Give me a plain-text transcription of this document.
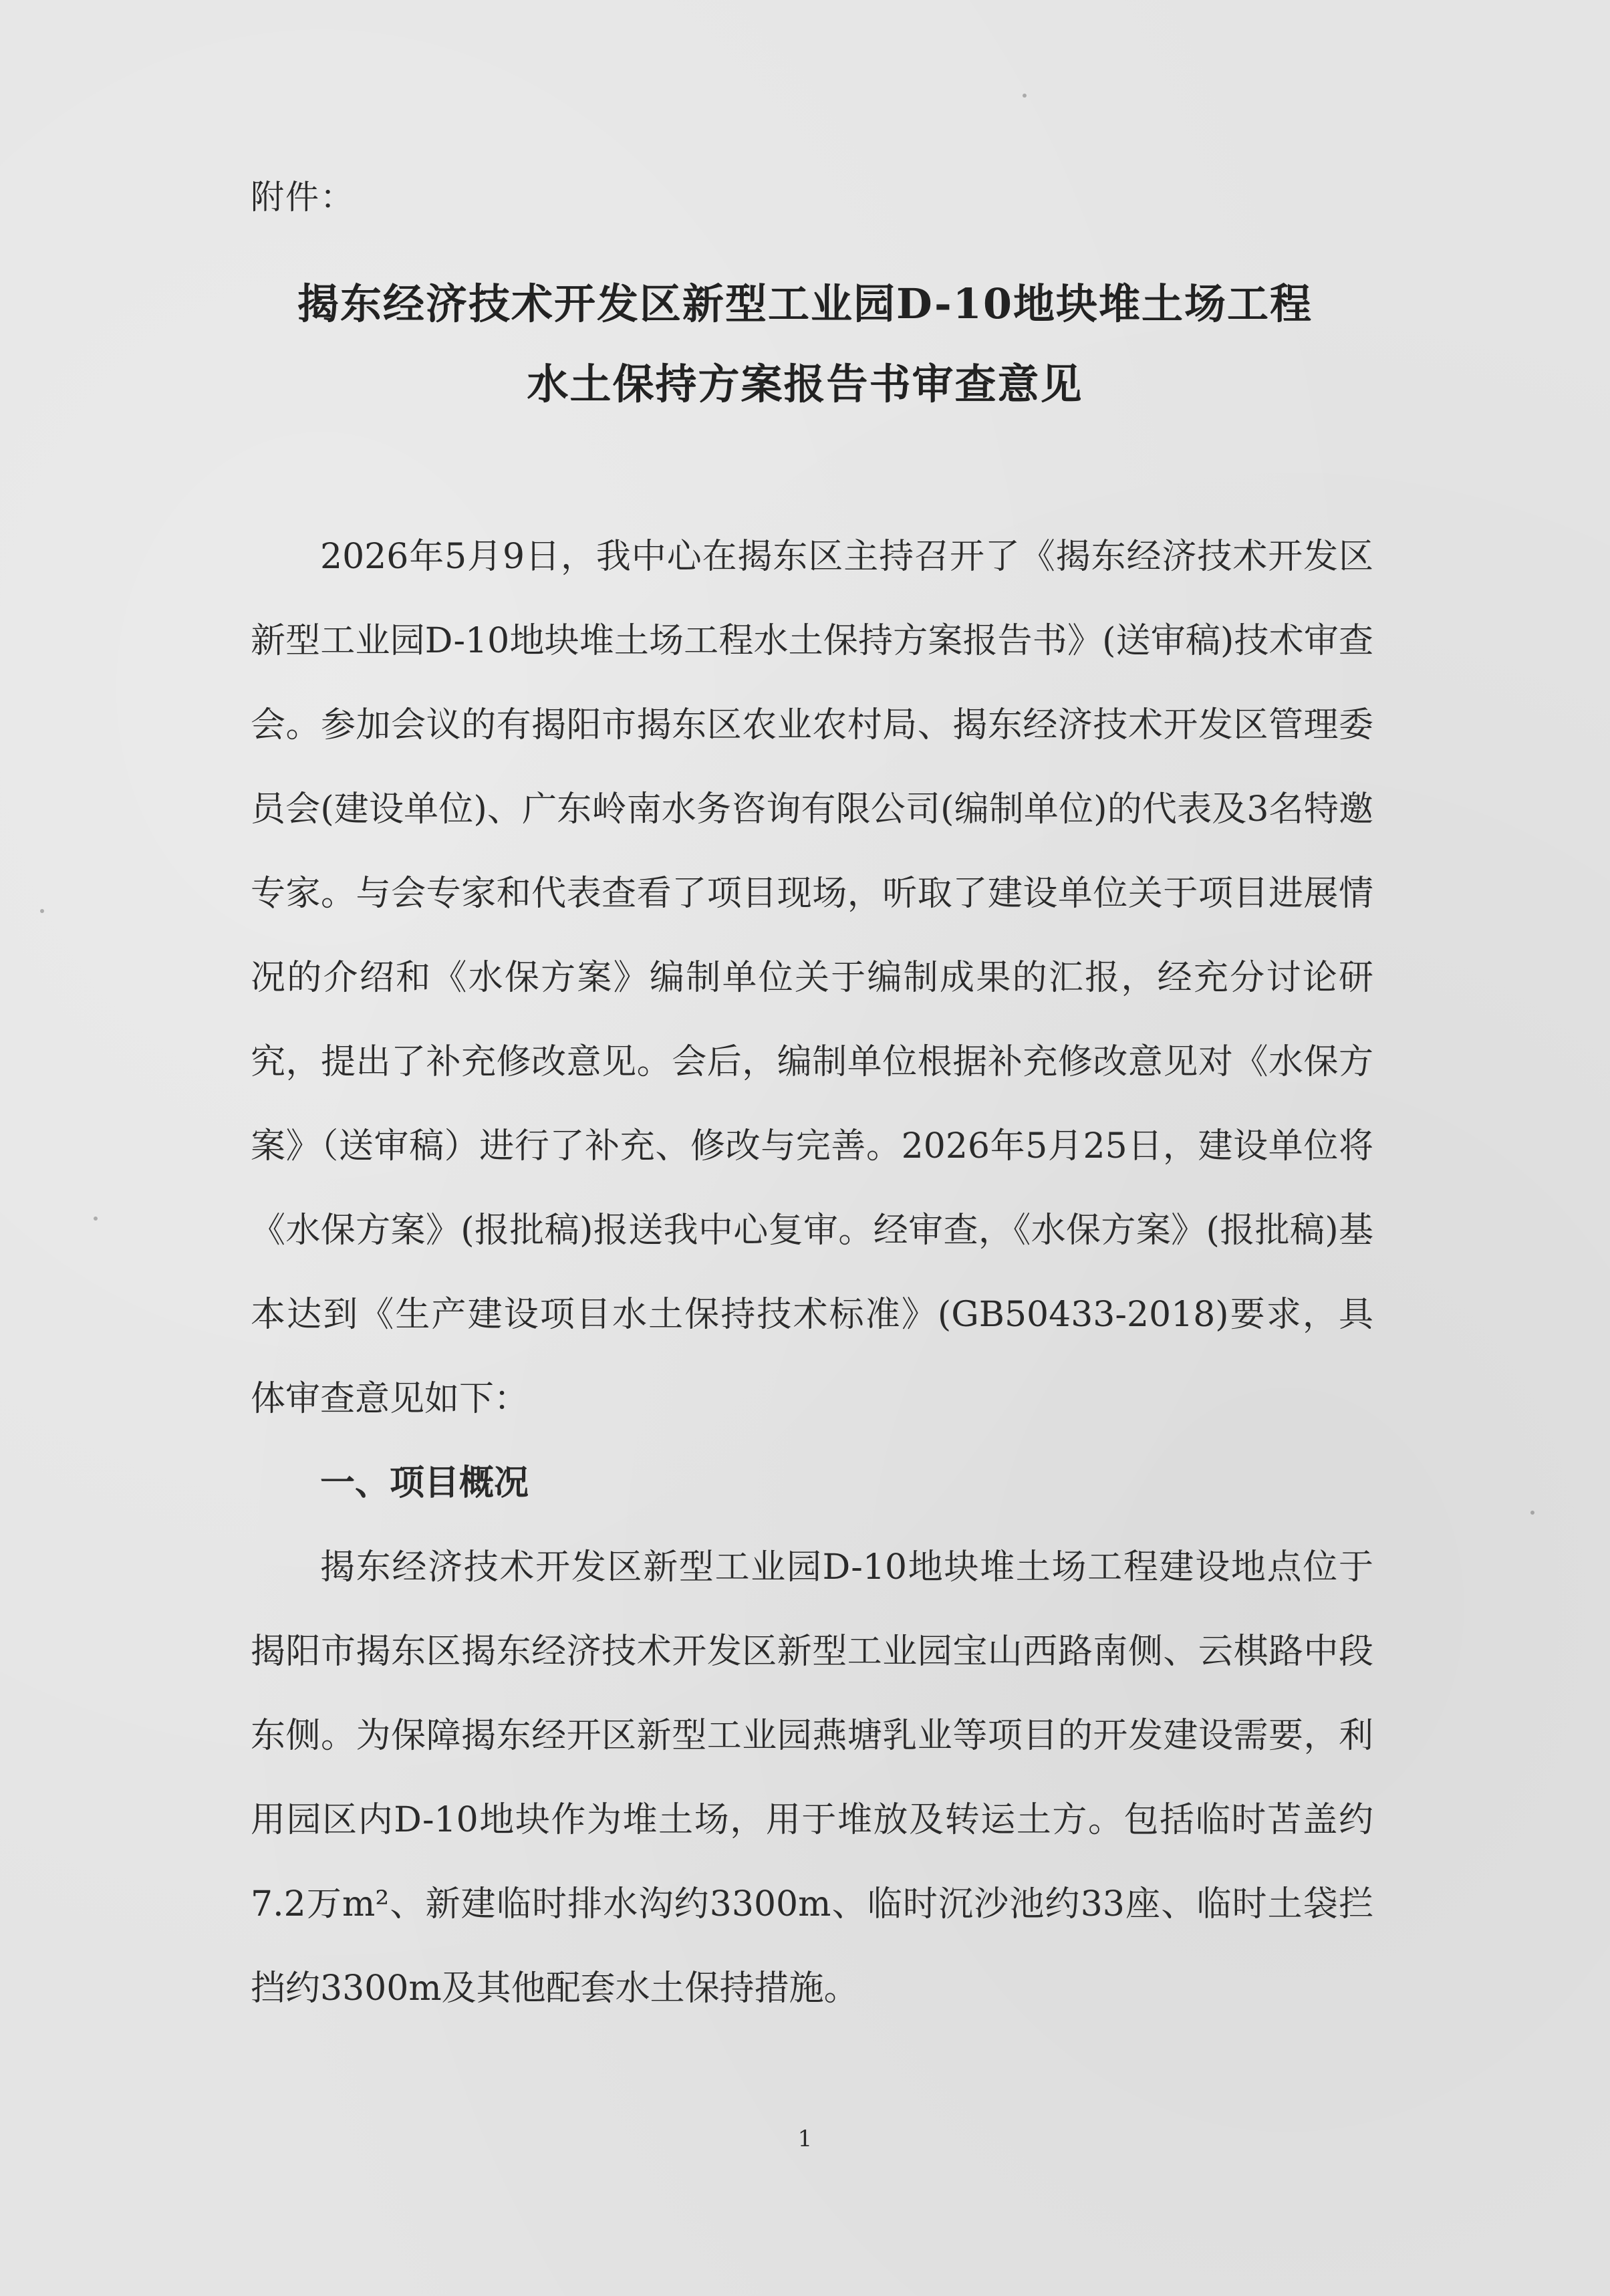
附件：
揭东经济技术开发区新型工业园D-10地块堆土场工程
水土保持方案报告书审查意见

2026年5月9日，我中心在揭东区主持召开了《揭东经济技术开发区新型工业园D-10地块堆土场工程水土保持方案报告书》(送审稿)技术审查会。参加会议的有揭阳市揭东区农业农村局、揭东经济技术开发区管理委员会(建设单位)、广东岭南水务咨询有限公司(编制单位)的代表及3名特邀专家。与会专家和代表查看了项目现场，听取了建设单位关于项目进展情况的介绍和《水保方案》编制单位关于编制成果的汇报，经充分讨论研究，提出了补充修改意见。会后，编制单位根据补充修改意见对《水保方案》（送审稿）进行了补充、修改与完善。2026年5月25日，建设单位将《水保方案》(报批稿)报送我中心复审。经审查，《水保方案》(报批稿)基本达到《生产建设项目水土保持技术标准》(GB50433-2018)要求，具体审查意见如下：

一、项目概况

揭东经济技术开发区新型工业园D-10地块堆土场工程建设地点位于揭阳市揭东区揭东经济技术开发区新型工业园宝山西路南侧、云棋路中段东侧。为保障揭东经开区新型工业园燕塘乳业等项目的开发建设需要，利用园区内D-10地块作为堆土场，用于堆放及转运土方。包括临时苫盖约7.2万m²、新建临时排水沟约3300m、临时沉沙池约33座、临时土袋拦挡约3300m及其他配套水土保持措施。

1
